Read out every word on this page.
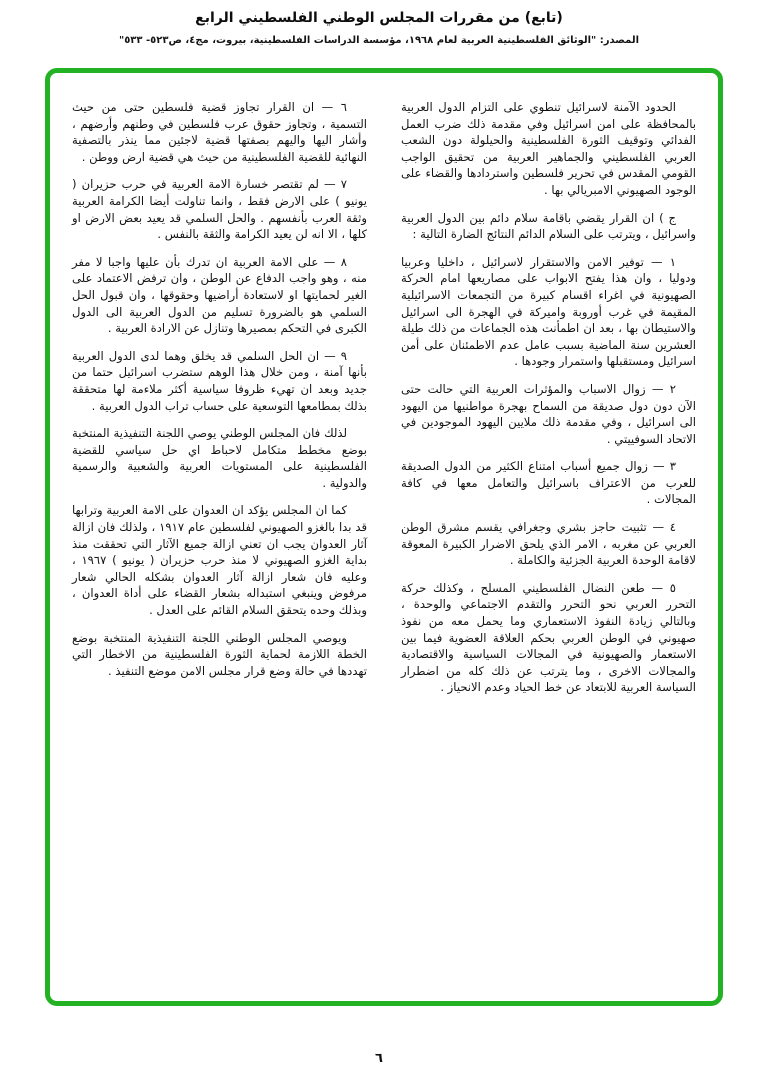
(تابع) من مقررات المجلس الوطني الفلسطيني الرابع
المصدر: "الوثائق الفلسطينية العربية لعام ١٩٦٨، مؤسسة الدراسات الفلسطينية، بيروت، مج٤، ص٥٢٣- ٥٣٣"

الحدود الآمنة لاسرائيل تنطوي على التزام الدول العربية بالمحافظة على امن اسرائيل وفي مقدمة ذلك ضرب العمل الفدائي وتوقيف الثورة الفلسطينية والحيلولة دون الشعب العربي الفلسطيني والجماهير العربية من تحقيق الواجب القومي المقدس في تحرير فلسطين واستردادها والقضاء على الوجود الصهيوني الامبريالي بها .

ج ) ان القرار يقضي باقامة سلام دائم بين الدول العربية واسرائيل ، ويترتب على السلام الدائم النتائج الضارة التالية :

١ — توفير الامن والاستقرار لاسرائيل ، داخليا وعربيا ودوليا ، وان هذا يفتح الابواب على مصاريعها امام الحركة الصهيونية في اغراء اقسام كبيرة من التجمعات الاسرائيلية المقيمة في غرب أوروبة واميركة في الهجرة الى اسرائيل والاستيطان بها ، بعد ان اطمأنت هذه الجماعات من ذلك طيلة العشرين سنة الماضية بسبب عامل عدم الاطمئنان على أمن اسرائيل ومستقبلها واستمرار وجودها .

٢ — زوال الاسباب والمؤثرات العربية التي حالت حتى الآن دون دول صديقة من السماح بهجرة مواطنيها من اليهود الى اسرائيل ، وفي مقدمة ذلك ملايين اليهود الموجودين في الاتحاد السوفييتي .

٣ — زوال جميع أسباب امتناع الكثير من الدول الصديقة للعرب من الاعتراف باسرائيل والتعامل معها في كافة المجالات .

٤ — تثبيت حاجز بشري وجغرافي يقسم مشرق الوطن العربي عن مغربه ، الامر الذي يلحق الاضرار الكبيرة المعوقة لاقامة الوحدة العربية الجزئية والكاملة .

٥ — طعن النضال الفلسطيني المسلح ، وكذلك حركة التحرر العربي نحو التحرر والتقدم الاجتماعي والوحدة ، وبالتالي زيادة النفوذ الاستعماري وما يحمل معه من نفوذ صهيوني في الوطن العربي بحكم العلاقة العضوية فيما بين الاستعمار والصهيونية في المجالات السياسية والاقتصادية والمجالات الاخرى ، وما يترتب عن ذلك كله من اضطرار السياسة العربية للابتعاد عن خط الحياد وعدم الانحياز .

٦ — ان القرار تجاوز قضية فلسطين حتى من حيث التسمية ، وتجاوز حقوق عرب فلسطين في وطنهم وأرضهم ، وأشار اليها واليهم بصفتها قضية لاجئين مما ينذر بالتصفية النهائية للقضية الفلسطينية من حيث هي قضية ارض ووطن .

٧ — لم تقتصر خسارة الامة العربية في حرب حزيران ( يونيو ) على الارض فقط ، وانما تناولت أيضا الكرامة العربية وثقة العرب بأنفسهم . والحل السلمي قد يعيد بعض الارض او كلها ، الا انه لن يعيد الكرامة والثقة بالنفس .

٨ — على الامة العربية ان تدرك بأن عليها واجبا لا مفر منه ، وهو واجب الدفاع عن الوطن ، وان ترفض الاعتماد على الغير لحمايتها او لاستعادة أراضيها وحقوقها ، وان قبول الحل السلمي هو بالضرورة تسليم من الدول العربية الى الدول الكبرى في التحكم بمصيرها وتنازل عن الارادة العربية .

٩ — ان الحل السلمي قد يخلق وهما لدى الدول العربية بأنها آمنة ، ومن خلال هذا الوهم ستضرب اسرائيل حتما من جديد وبعد ان تهيء ظروفا سياسية أكثر ملاءمة لها متحققة بذلك بمطامعها التوسعية على حساب تراب الدول العربية .

لذلك فان المجلس الوطني يوصي اللجنة التنفيذية المنتخبة بوضع مخطط متكامل لاحباط اي حل سياسي للقضية الفلسطينية على المستويات العربية والشعبية والرسمية والدولية .

كما ان المجلس يؤكد ان العدوان على الامة العربية وترابها قد بدا بالغزو الصهيوني لفلسطين عام ١٩١٧ ، ولذلك فان ازالة آثار العدوان يجب ان تعني ازالة جميع الآثار التي تحققت منذ بداية الغزو الصهيوني لا منذ حرب حزيران ( يونيو ) ١٩٦٧ ، وعليه فان شعار ازالة آثار العدوان بشكله الحالي شعار مرفوض وينبغي استبداله بشعار القضاء على أداة العدوان ، وبذلك وحده يتحقق السلام القائم على العدل .

ويوصي المجلس الوطني اللجنة التنفيذية المنتخبة بوضع الخطة اللازمة لحماية الثورة الفلسطينية من الاخطار التي تهددها في حالة وضع قرار مجلس الامن موضع التنفيذ .

٦
